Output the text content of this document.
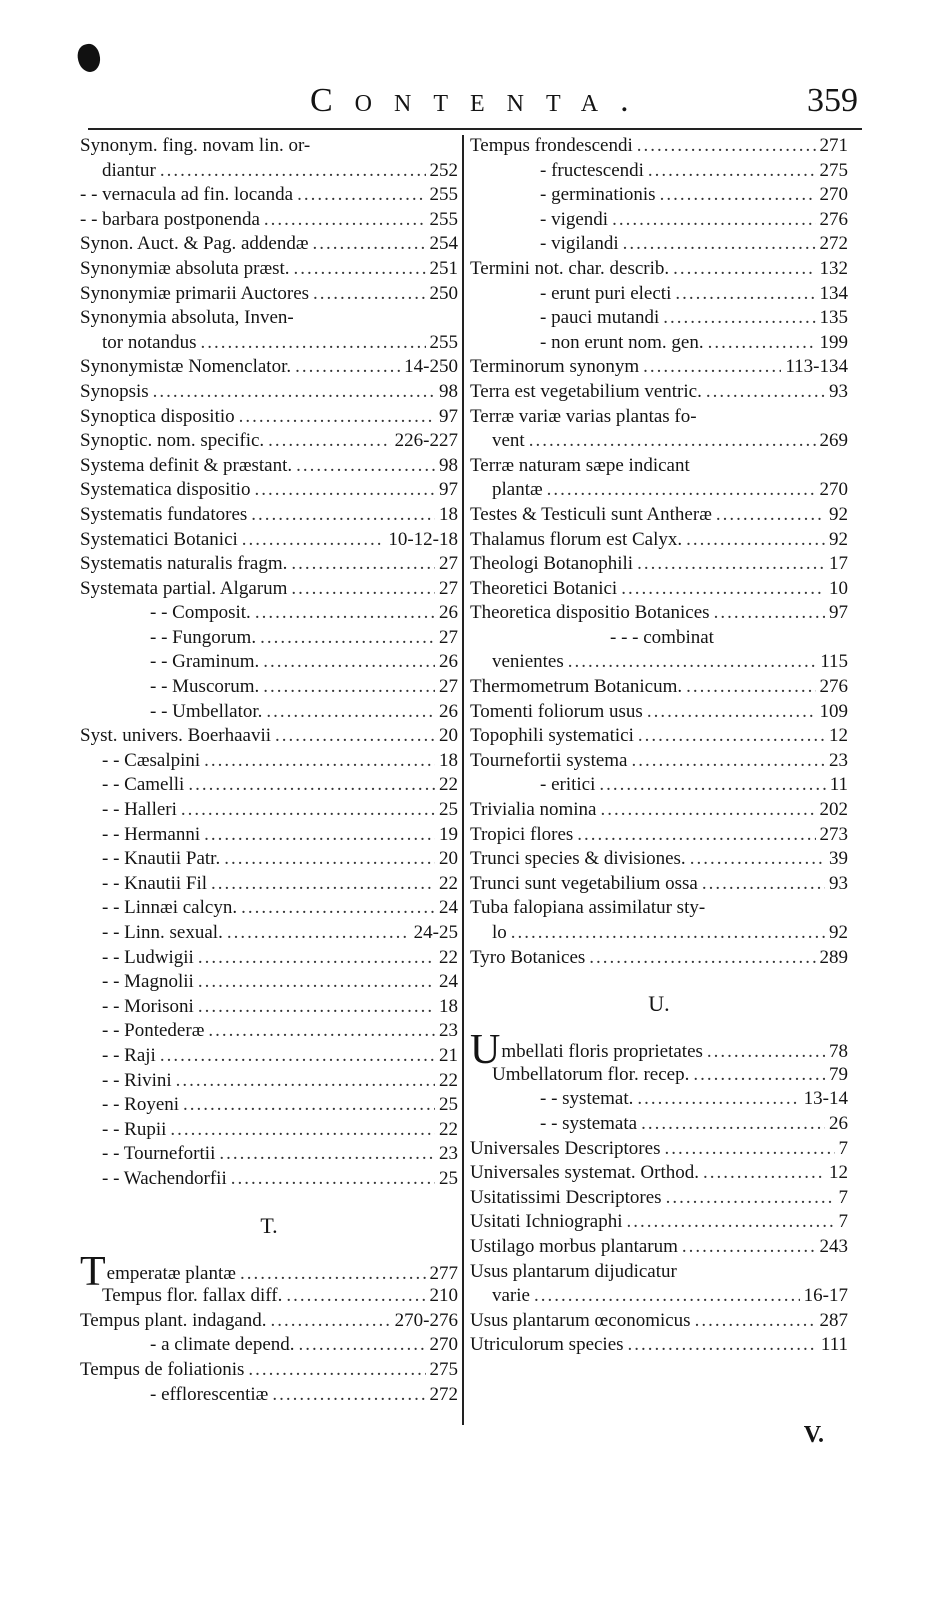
Contenta.	359
Synonym. fing. novam lin. or-
diantur .....	252
- - vernacula ad fin. locanda .....	255
- - barbara postponenda .....	255
Synon. Auct. & Pag. addendæ .....	254
Synonymiæ absoluta præst. .....	251
Synonymiæ primarii Auctores .....	250
Synonymia absoluta, Inven-
tor notandus .....	255
Synonymistæ Nomenclator. .....	14-250
Synopsis .....	98
Synoptica dispositio .....	97
Synoptic. nom. specific. .....	226-227
Systema definit & præstant. .....	98
Systematica dispositio .....	97
Systematis fundatores .....	18
Systematici Botanici .....	10-12-18
Systematis naturalis fragm. .....	27
Systemata partial. Algarum .....	27
- - Composit. .....	26
- - Fungorum. .....	27
- - Graminum. .....	26
- - Muscorum. .....	27
- - Umbellator. .....	26
Syst. univers. Boerhaavii .....	20
- - Cæsalpini .....	18
- - Camelli .....	22
- - Halleri .....	25
- - Hermanni .....	19
- - Knautii Patr. .....	20
- - Knautii Fil .....	22
- - Linnæi calcyn. .....	24
- - Linn. sexual. .....	24-25
- - Ludwigii .....	22
- - Magnolii .....	24
- - Morisoni .....	18
- - Pontederæ .....	23
- - Raji .....	21
- - Rivini .....	22
- - Royeni .....	25
- - Rupii .....	22
- - Tournefortii .....	23
- - Wachendorfii .....	25
T.
Temperatæ plantæ .....	277
Tempus flor. fallax diff. .....	210
Tempus plant. indagand. .....	270-276
- a climate depend. .....	270
Tempus de foliationis .....	275
- efflorescentiæ .....	272
Tempus frondescendi .....	271
- fructescendi .....	275
- germinationis .....	270
- vigendi .....	276
- vigilandi .....	272
Termini not. char. describ. .....	132
- erunt puri electi .....	134
- pauci mutandi .....	135
- non erunt nom. gen. .....	199
Terminorum synonym .....	113-134
Terra est vegetabilium ventric. .....	93
Terræ variæ varias plantas fo-
vent .....	269
Terræ naturam sæpe indicant
plantæ .....	270
Testes & Testiculi sunt Antheræ .....	92
Thalamus florum est Calyx. .....	92
Theologi Botanophili .....	17
Theoretici Botanici .....	10
Theoretica dispositio Botanices .....	97
- - - combinat
venientes .....	115
Thermometrum Botanicum. .....	276
Tomenti foliorum usus .....	109
Topophili systematici .....	12
Tournefortii systema .....	23
- eritici .....	11
Trivialia nomina .....	202
Tropici flores .....	273
Trunci species & divisiones. .....	39
Trunci sunt vegetabilium ossa .....	93
Tuba falopiana assimilatur sty-
lo .....	92
Tyro Botanices .....	289
U.
Umbellati floris proprietates .....	78
Umbellatorum flor. recep. .....	79
- - systemat. .....	13-14
- - systemata .....	26
Universales Descriptores .....	7
Universales systemat. Orthod. .....	12
Usitatissimi Descriptores .....	7
Usitati Ichniographi .....	7
Ustilago morbus plantarum .....	243
Usus plantarum dijudicatur
varie .....	16-17
Usus plantarum œconomicus .....	287
Utriculorum species .....	111
V.
